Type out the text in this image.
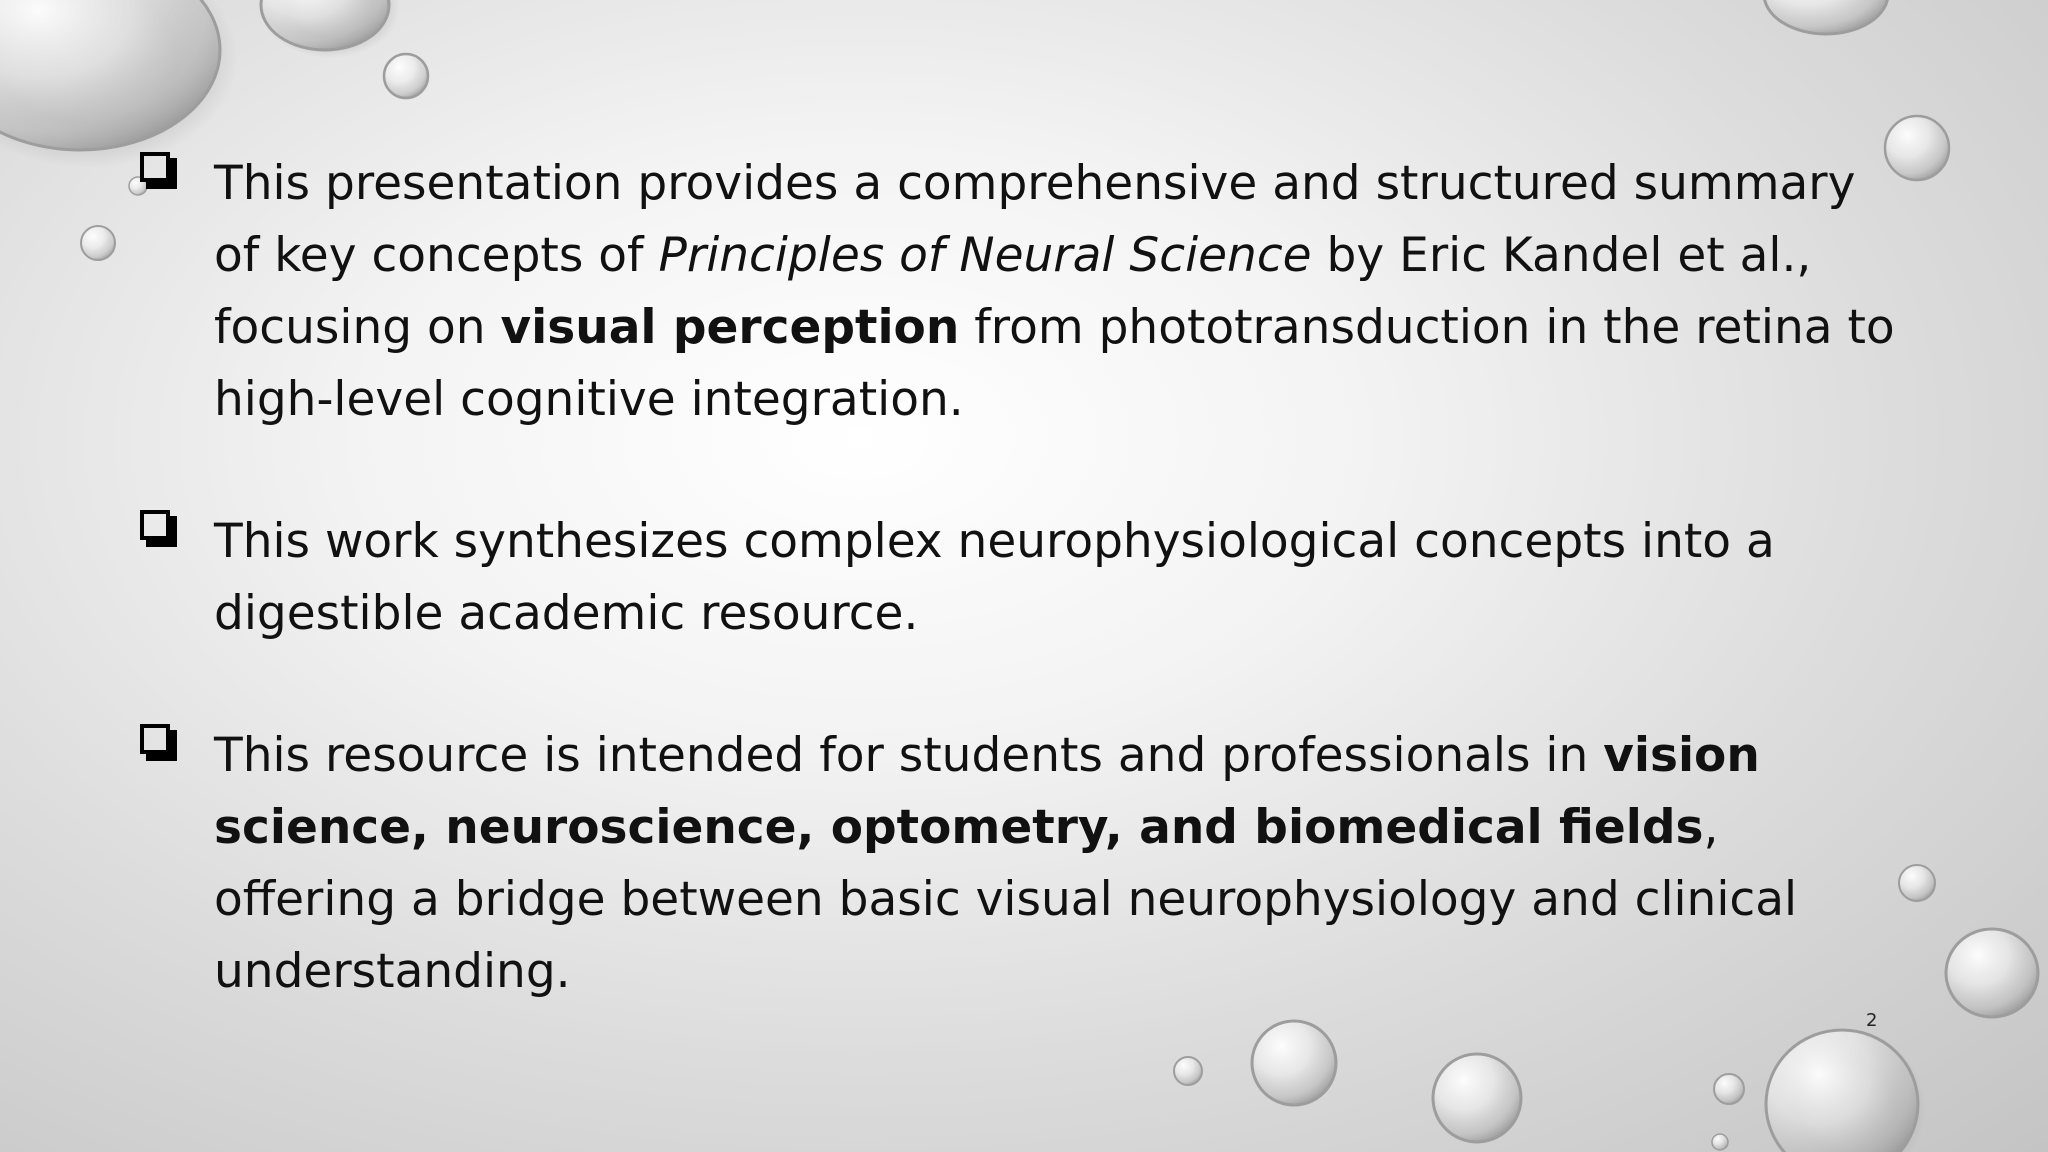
This presentation provides a comprehensive and structured summary of key concepts of Principles of Neural Science by Eric Kandel et al., focusing on visual perception from phototransduction in the retina to high-level cognitive integration.
This work synthesizes complex neurophysiological concepts into a digestible academic resource.
This resource is intended for students and professionals in vision science, neuroscience, optometry, and biomedical fields, offering a bridge between basic visual neurophysiology and clinical understanding.
2
